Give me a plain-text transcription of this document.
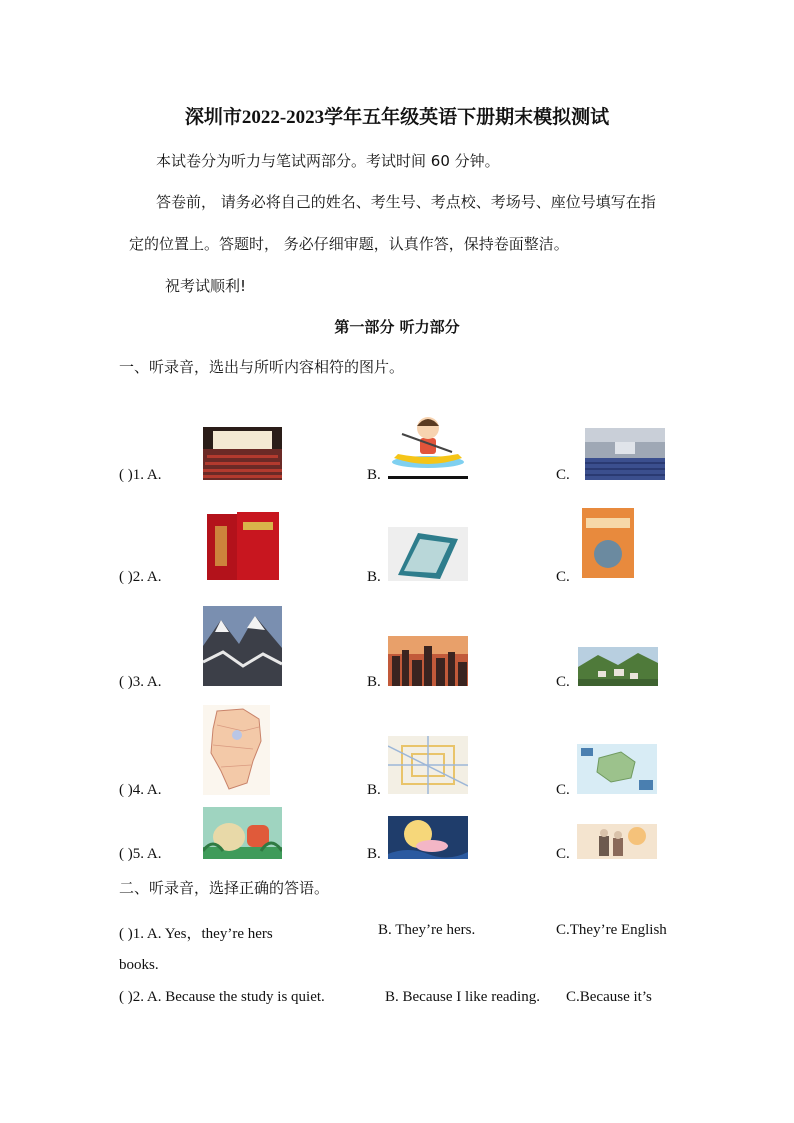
深圳市2022-2023学年五年级英语下册期末模拟测试
本试卷分为听力与笔试两部分。考试时间 60 分钟。
答卷前， 请务必将自己的姓名、考生号、考点校、考场号、座位号填写在指
定的位置上。答题时， 务必仔细审题，认真作答，保持卷面整洁。
祝考试顺利!
第一部分 听力部分
一、听录音，选出与所听内容相符的图片。
( )1. A.	B.	C.
( )2. A.	B.	C.
( )3. A.	B.	C.
( )4. A.	B.	C.
( )5. A.	B.	C.
二、听录音，选择正确的答语。
( )1. A. Yes，they’re hers	B. They’re hers.	C.They’re English
books.
( )2. A. Because the study is quiet.	B. Because I like reading. C.Because it’s
